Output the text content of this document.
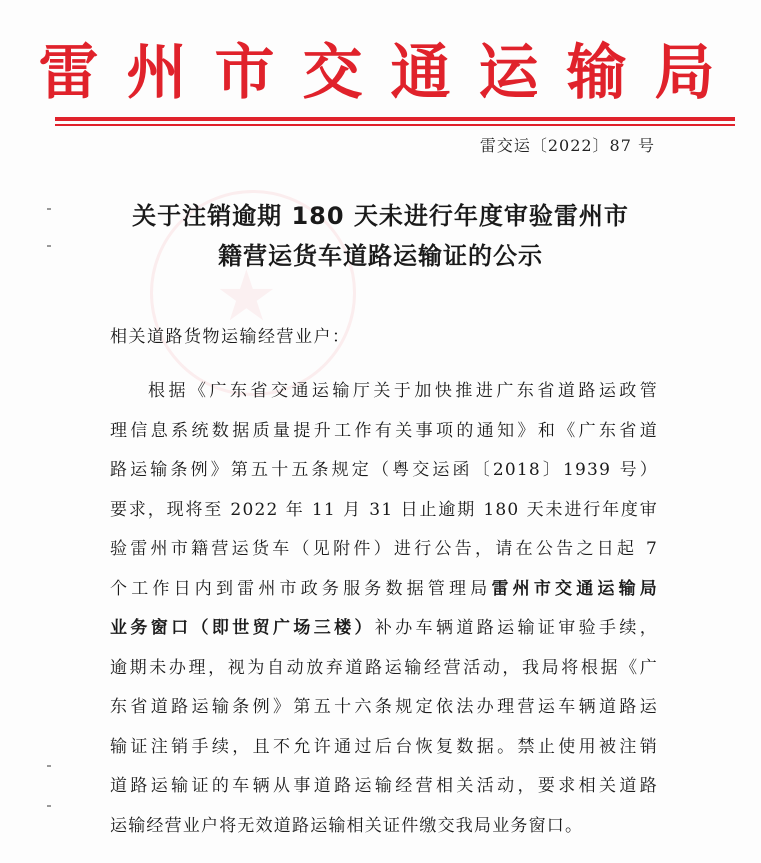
★
雷州市交通运输局
雷交运〔2022〕87 号
关于注销逾期 180 天未进行年度审验雷州市
籍营运货车道路运输证的公示
相关道路货物运输经营业户：
根据《广东省交通运输厅关于加快推进广东省道路运政管
理信息系统数据质量提升工作有关事项的通知》和《广东省道
路运输条例》第五十五条规定（粤交运函〔2018〕1939 号）
要求，现将至 2022 年 11 月 31 日止逾期 180 天未进行年度审
验雷州市籍营运货车（见附件）进行公告，请在公告之日起 7
个工作日内到雷州市政务服务数据管理局雷州市交通运输局
业务窗口（即世贸广场三楼）补办车辆道路运输证审验手续，
逾期未办理，视为自动放弃道路运输经营活动，我局将根据《广
东省道路运输条例》第五十六条规定依法办理营运车辆道路运
输证注销手续，且不允许通过后台恢复数据。禁止使用被注销
道路运输证的车辆从事道路运输经营相关活动，要求相关道路
运输经营业户将无效道路运输相关证件缴交我局业务窗口。
